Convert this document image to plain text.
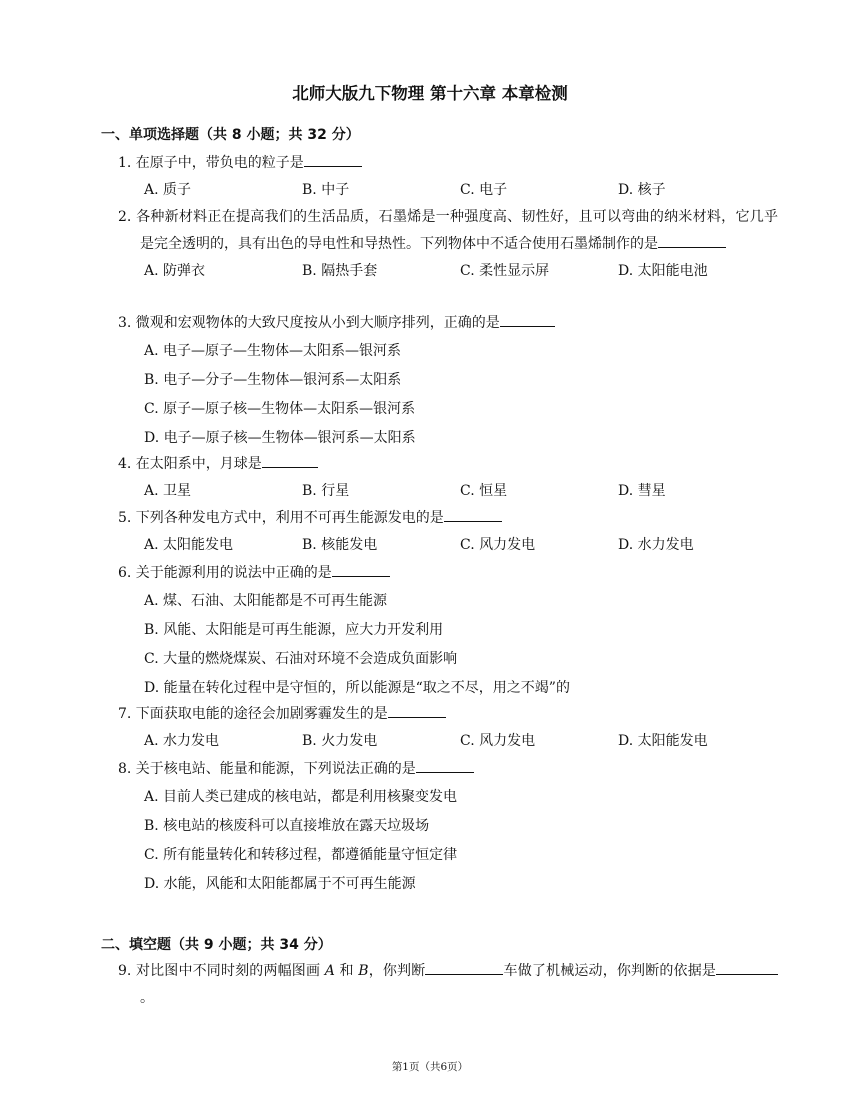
北师大版九下物理 第十六章 本章检测
一、单项选择题（共 8 小题；共 32 分）
1. 在原子中，带负电的粒子是
A. 质子	B. 中子	C. 电子	D. 核子
2. 各种新材料正在提高我们的生活品质，石墨烯是一种强度高、韧性好，且可以弯曲的纳米材料，它几乎是完全透明的，具有出色的导电性和导热性。下列物体中不适合使用石墨烯制作的是
A. 防弹衣	B. 隔热手套	C. 柔性显示屏	D. 太阳能电池
3. 微观和宏观物体的大致尺度按从小到大顺序排列，正确的是
A. 电子—原子—生物体—太阳系—银河系
B. 电子—分子—生物体—银河系—太阳系
C. 原子—原子核—生物体—太阳系—银河系
D. 电子—原子核—生物体—银河系—太阳系
4. 在太阳系中，月球是
A. 卫星	B. 行星	C. 恒星	D. 彗星
5. 下列各种发电方式中，利用不可再生能源发电的是
A. 太阳能发电	B. 核能发电	C. 风力发电	D. 水力发电
6. 关于能源利用的说法中正确的是
A. 煤、石油、太阳能都是不可再生能源
B. 风能、太阳能是可再生能源，应大力开发利用
C. 大量的燃烧煤炭、石油对环境不会造成负面影响
D. 能量在转化过程中是守恒的，所以能源是“取之不尽，用之不竭”的
7. 下面获取电能的途径会加剧雾霾发生的是
A. 水力发电	B. 火力发电	C. 风力发电	D. 太阳能发电
8. 关于核电站、能量和能源，下列说法正确的是
A. 目前人类已建成的核电站，都是利用核聚变发电
B. 核电站的核废科可以直接堆放在露天垃圾场
C. 所有能量转化和转移过程，都遵循能量守恒定律
D. 水能，风能和太阳能都属于不可再生能源
二、填空题（共 9 小题；共 34 分）
9. 对比图中不同时刻的两幅图画 A 和 B，你判断	车做了机械运动，你判断的依据是。
第1页（共6页）
